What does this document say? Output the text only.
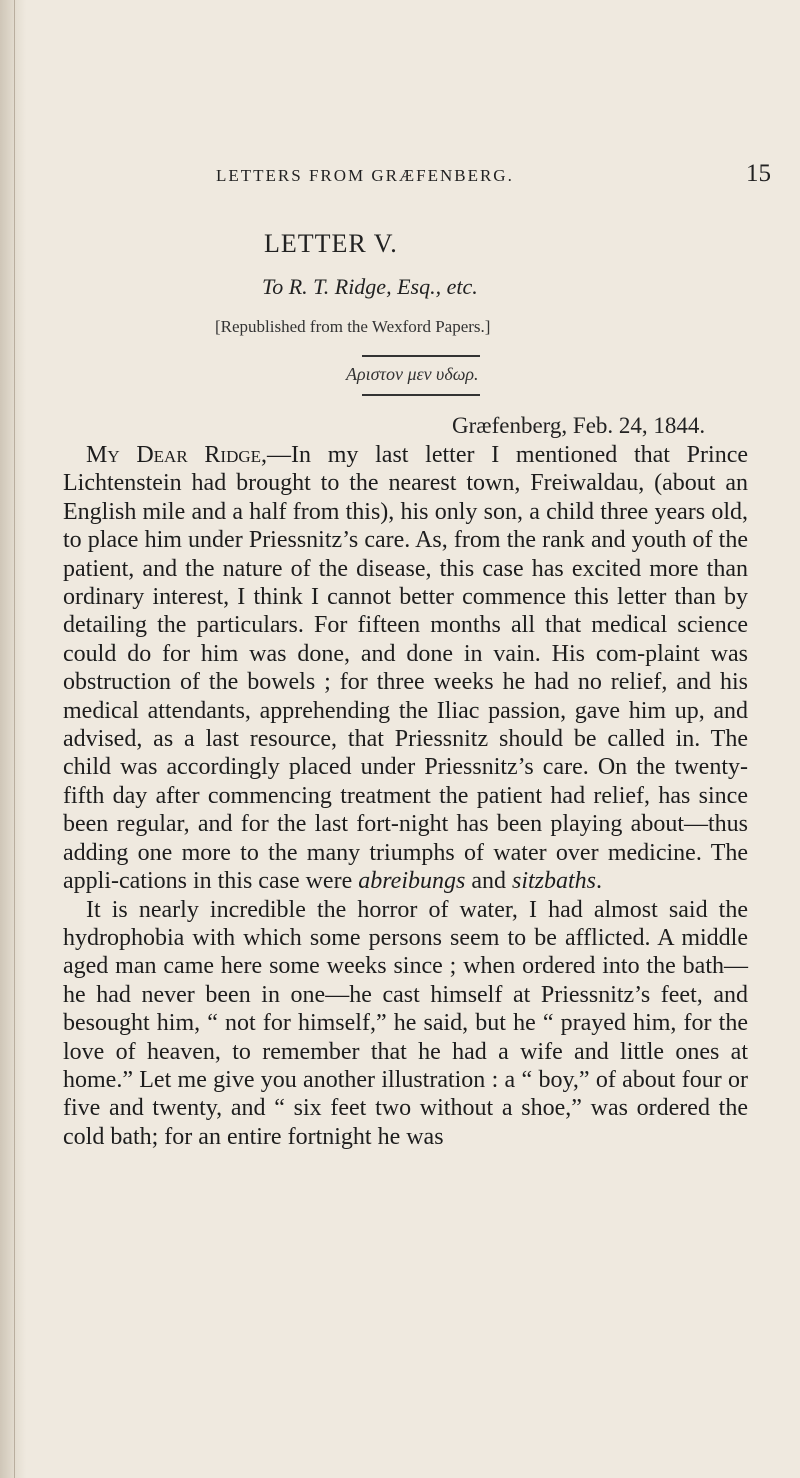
LETTERS FROM GRÆFENBERG.	15
LETTER V.
To R. T. Ridge, Esq., etc.
[Republished from the Wexford Papers.]
Αριστον μεν υδωρ.
Græfenberg, Feb. 24, 1844.

My Dear Ridge,—In my last letter I mentioned that Prince Lichtenstein had brought to the nearest town, Freiwaldau, (about an English mile and a half from this), his only son, a child three years old, to place him under Priessnitz’s care. As, from the rank and youth of the patient, and the nature of the disease, this case has excited more than ordinary interest, I think I cannot better commence this letter than by detailing the particulars. For fifteen months all that medical science could do for him was done, and done in vain. His com-plaint was obstruction of the bowels ; for three weeks he had no relief, and his medical attendants, apprehending the Iliac passion, gave him up, and advised, as a last resource, that Priessnitz should be called in. The child was accordingly placed under Priessnitz’s care. On the twenty-fifth day after commencing treatment the patient had relief, has since been regular, and for the last fort-night has been playing about—thus adding one more to the many triumphs of water over medicine. The appli-cations in this case were abreibungs and sitzbaths.

It is nearly incredible the horror of water, I had almost said the hydrophobia with which some persons seem to be afflicted. A middle aged man came here some weeks since ; when ordered into the bath—he had never been in one—he cast himself at Priessnitz’s feet, and besought him, “ not for himself,” he said, but he “ prayed him, for the love of heaven, to remember that he had a wife and little ones at home.” Let me give you another illustration : a “ boy,” of about four or five and twenty, and “ six feet two without a shoe,” was ordered the cold bath; for an entire fortnight he was
